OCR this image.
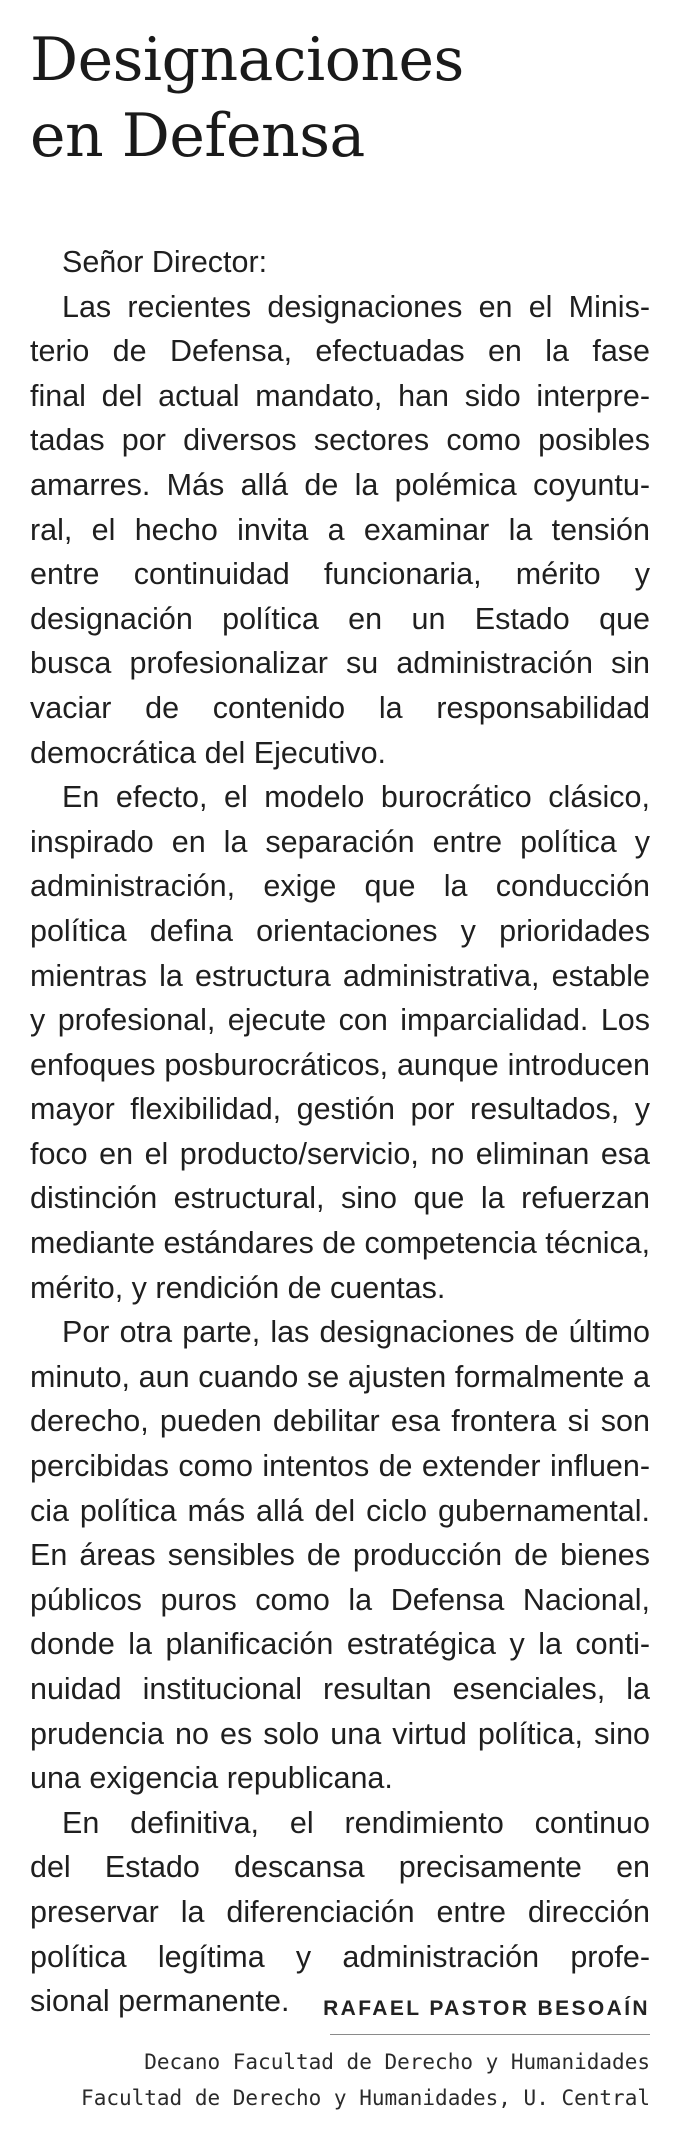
Designaciones
en Defensa
Señor Director:
Las recientes designaciones en el Minis-
terio de Defensa, efectuadas en la fase
final del actual mandato, han sido interpre-
tadas por diversos sectores como posibles
amarres. Más allá de la polémica coyuntu-
ral, el hecho invita a examinar la tensión
entre continuidad funcionaria, mérito y
designación política en un Estado que
busca profesionalizar su administración sin
vaciar de contenido la responsabilidad
democrática del Ejecutivo.
En efecto, el modelo burocrático clásico,
inspirado en la separación entre política y
administración, exige que la conducción
política defina orientaciones y prioridades
mientras la estructura administrativa, estable
y profesional, ejecute con imparcialidad. Los
enfoques posburocráticos, aunque introducen
mayor flexibilidad, gestión por resultados, y
foco en el producto/servicio, no eliminan esa
distinción estructural, sino que la refuerzan
mediante estándares de competencia técnica,
mérito, y rendición de cuentas.
Por otra parte, las designaciones de último
minuto, aun cuando se ajusten formalmente a
derecho, pueden debilitar esa frontera si son
percibidas como intentos de extender influen-
cia política más allá del ciclo gubernamental.
En áreas sensibles de producción de bienes
públicos puros como la Defensa Nacional,
donde la planificación estratégica y la conti-
nuidad institucional resultan esenciales, la
prudencia no es solo una virtud política, sino
una exigencia republicana.
En definitiva, el rendimiento continuo
del Estado descansa precisamente en
preservar la diferenciación entre dirección
política legítima y administración profe-
sional permanente.	RAFAEL PASTOR BESOAÍN
Decano Facultad de Derecho y Humanidades
Facultad de Derecho y Humanidades, U. Central
